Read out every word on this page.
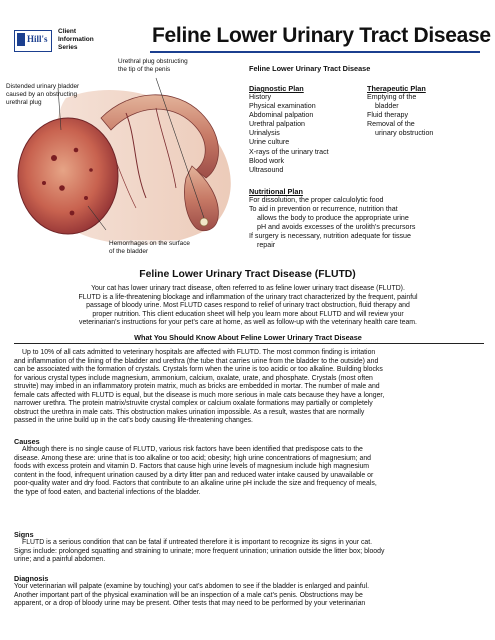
Hill's
Client
Information
Series
Feline Lower Urinary Tract Disease
Distended urinary bladder
caused by an obstructing
urethral plug
Urethral plug obstructing
the tip of the penis
Hemorrhages on the surface
of the bladder
Feline Lower Urinary Tract Disease
Diagnostic Plan
History
Physical examination
Abdominal palpation
Urethral palpation
Urinalysis
Urine culture
X-rays of the urinary tract
Blood work
Ultrasound
Therapeutic Plan
Emptying of the
bladder
Fluid therapy
Removal of the
urinary obstruction
Nutritional Plan
For dissolution, the proper calculolytic food
To aid in prevention or recurrence, nutrition that
allows the body to produce the appropriate urine
pH and avoids excesses of the urolith’s precursors
If surgery is necessary, nutrition adequate for tissue
repair
Feline Lower Urinary Tract Disease (FLUTD)
Your cat has lower urinary tract disease, often referred to as feline lower urinary tract disease (FLUTD).
FLUTD is a life-threatening blockage and inflammation of the urinary tract characterized by the frequent, painful
passage of bloody urine. Most FLUTD cases respond to relief of urinary tract obstruction, fluid therapy and
proper nutrition. This client education sheet will help you learn more about FLUTD and will review your
veterinarian’s instructions for your pet’s care at home, as well as follow-up with the veterinary health care team.
What You Should Know About Feline Lower Urinary Tract Disease
Up to 10% of all cats admitted to veterinary hospitals are affected with FLUTD. The most common finding is irritation
and inflammation of the lining of the bladder and urethra (the tube that carries urine from the bladder to the outside) and
can be associated with the formation of crystals. Crystals form when the urine is too acidic or too alkaline. Building blocks
for various crystal types include magnesium, ammonium, calcium, oxalate, urate, and phosphate. Crystals (most often
struvite) may imbed in an inflammatory protein matrix, much as bricks are embedded in mortar. The number of male and
female cats affected with FLUTD is equal, but the disease is much more serious in male cats because they have a longer,
narrower urethra. The protein matrix/struvite crystal complex or calcium oxalate formations may partially or completely
obstruct the urethra in male cats. This obstruction makes urination impossible. As a result, wastes that are normally
passed in the urine build up in the cat’s body causing life-threatening changes.
Causes
Although there is no single cause of FLUTD, various risk factors have been identified that predispose cats to the
disease. Among these are: urine that is too alkaline or too acid; obesity; high urine concentrations of magnesium; and
foods with excess protein and vitamin D. Factors that cause high urine levels of magnesium include high magnesium
content in the food, infrequent urination caused by a dirty litter pan and reduced water intake caused by unavailable or
poor-quality water and dry food. Factors that contribute to an alkaline urine pH include the size and frequency of meals,
the type of food eaten, and bacterial infections of the bladder.
Signs
FLUTD is a serious condition that can be fatal if untreated therefore it is important to recognize its signs in your cat.
Signs include: prolonged squatting and straining to urinate; more frequent urination; urination outside the litter box; bloody
urine; and a painful abdomen.
Diagnosis
Your veterinarian will palpate (examine by touching) your cat’s abdomen to see if the bladder is enlarged and painful.
Another important part of the physical examination will be an inspection of a male cat’s penis. Obstructions may be
apparent, or a drop of bloody urine may be present. Other tests that may need to be performed by your veterinarian
